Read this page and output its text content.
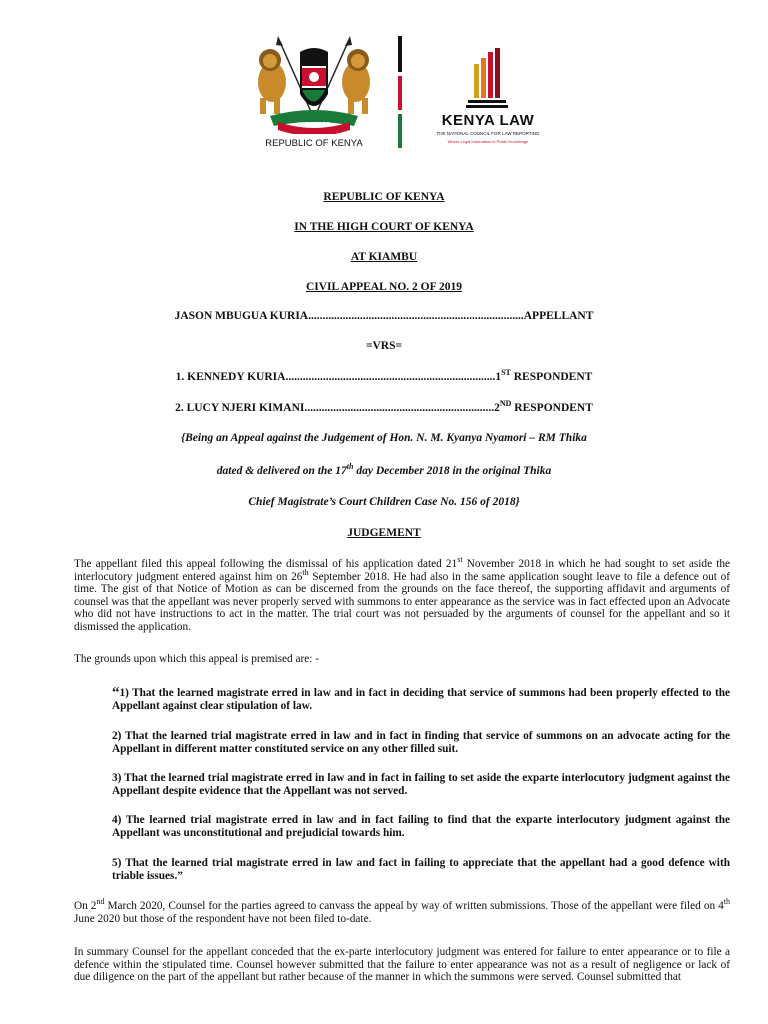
HARAMBEE
REPUBLIC OF KENYA
KENYA LAW
THE NATIONAL COUNCIL FOR LAW REPORTING
Where Legal Information is Public Knowledge
REPUBLIC OF KENYA
IN THE HIGH COURT OF KENYA
AT KIAMBU
CIVIL APPEAL NO. 2 OF 2019
JASON MBUGUA KURIA...........................................................................APPELLANT
=VRS=
1. KENNEDY KURIA.........................................................................1ST RESPONDENT
2. LUCY NJERI KIMANI..................................................................2ND RESPONDENT
{Being an Appeal against the Judgement of Hon. N. M. Kyanya Nyamori – RM Thika
dated & delivered on the 17th day December 2018 in the original Thika
Chief Magistrate’s Court Children Case No. 156 of 2018}
JUDGEMENT
The appellant filed this appeal following the dismissal of his application dated 21st November 2018 in which he had sought to set aside the interlocutory judgment entered against him on 26th September 2018. He had also in the same application sought leave to file a defence out of time. The gist of that Notice of Motion as can be discerned from the grounds on the face thereof, the supporting affidavit and arguments of counsel was that the appellant was never properly served with summons to enter appearance as the service was in fact effected upon an Advocate who did not have instructions to act in the matter. The trial court was not persuaded by the arguments of counsel for the appellant and so it dismissed the application.
The grounds upon which this appeal is premised are: -
“1) That the learned magistrate erred in law and in fact in deciding that service of summons had been properly effected to the Appellant against clear stipulation of law.
2) That the learned trial magistrate erred in law and in fact in finding that service of summons on an advocate acting for the Appellant in different matter constituted service on any other filled suit.
3) That the learned trial magistrate erred in law and in fact in failing to set aside the exparte interlocutory judgment against the Appellant despite evidence that the Appellant was not served.
4) The learned trial magistrate erred in law and in fact failing to find that the exparte interlocutory judgment against the Appellant was unconstitutional and prejudicial towards him.
5) That the learned trial magistrate erred in law and fact in failing to appreciate that the appellant had a good defence with triable issues.”
On 2nd March 2020, Counsel for the parties agreed to canvass the appeal by way of written submissions. Those of the appellant were filed on 4th June 2020 but those of the respondent have not been filed to-date.
In summary Counsel for the appellant conceded that the ex-parte interlocutory judgment was entered for failure to enter appearance or to file a defence within the stipulated time. Counsel however submitted that the failure to enter appearance was not as a result of negligence or lack of due diligence on the part of the appellant but rather because of the manner in which the summons were served. Counsel submitted that
